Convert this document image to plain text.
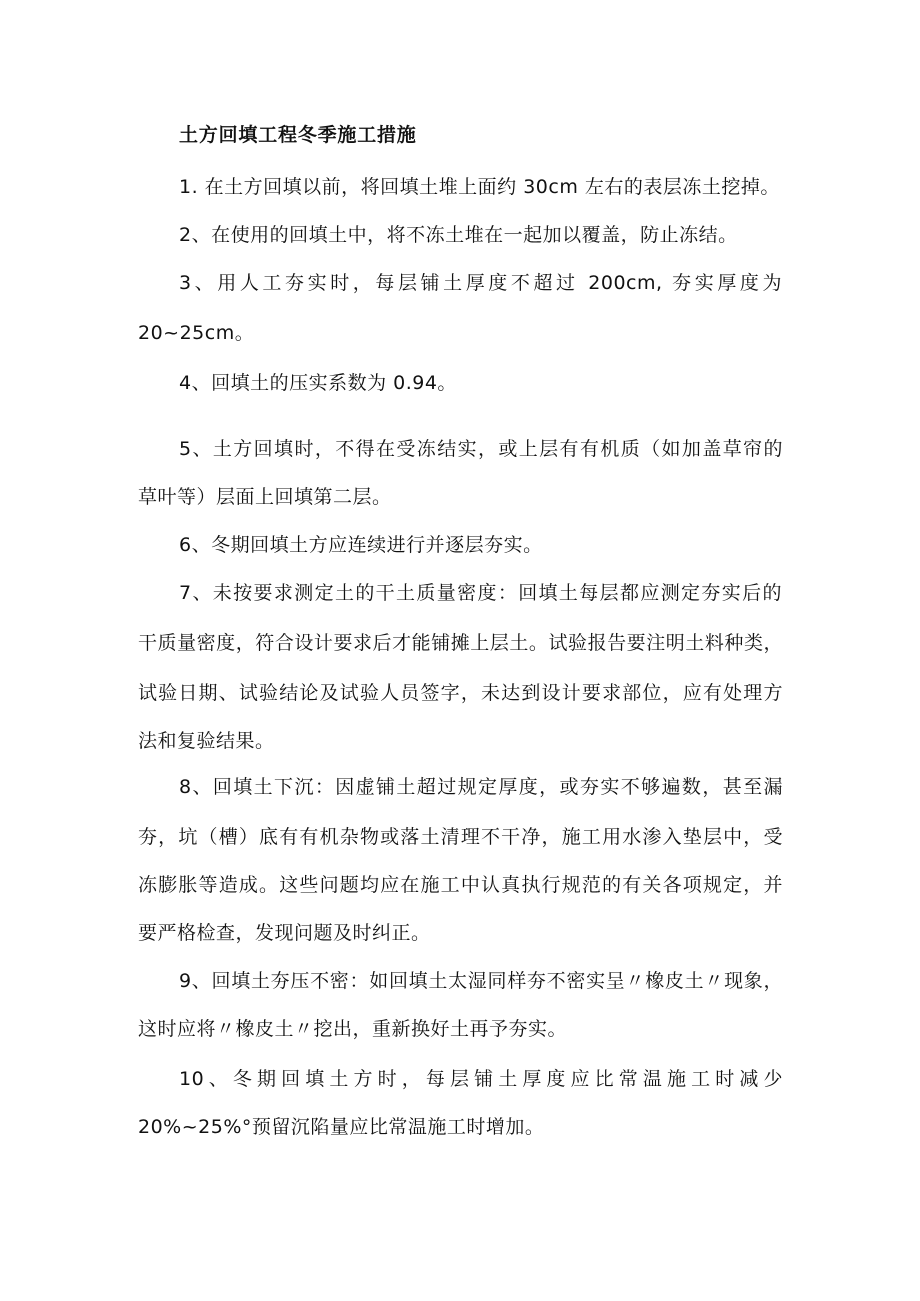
土方回填工程冬季施工措施
1. 在土方回填以前，将回填土堆上面约 30cm 左右的表层冻土挖掉。
2、在使用的回填土中，将不冻土堆在一起加以覆盖，防止冻结。
3、用人工夯实时，每层铺土厚度不超过 200cm, 夯实厚度为
20~25cm。
4、回填土的压实系数为 0.94。
5、土方回填时，不得在受冻结实，或上层有有机质（如加盖草帘的
草叶等）层面上回填第二层。
6、冬期回填土方应连续进行并逐层夯实。
7、未按要求测定土的干土质量密度：回填土每层都应测定夯实后的
干质量密度，符合设计要求后才能铺摊上层土。试验报告要注明土料种类，
试验日期、试验结论及试验人员签字，未达到设计要求部位，应有处理方
法和复验结果。
8、回填土下沉：因虚铺土超过规定厚度，或夯实不够遍数，甚至漏
夯，坑（槽）底有有机杂物或落土清理不干净，施工用水渗入垫层中，受
冻膨胀等造成。这些问题均应在施工中认真执行规范的有关各项规定，并
要严格检查，发现问题及时纠正。
9、回填土夯压不密：如回填土太湿同样夯不密实呈〃橡皮土〃现象，
这时应将〃橡皮土〃挖出，重新换好土再予夯实。
10、冬期回填土方时，每层铺土厚度应比常温施工时减少
20%~25%°预留沉陷量应比常温施工时增加。
